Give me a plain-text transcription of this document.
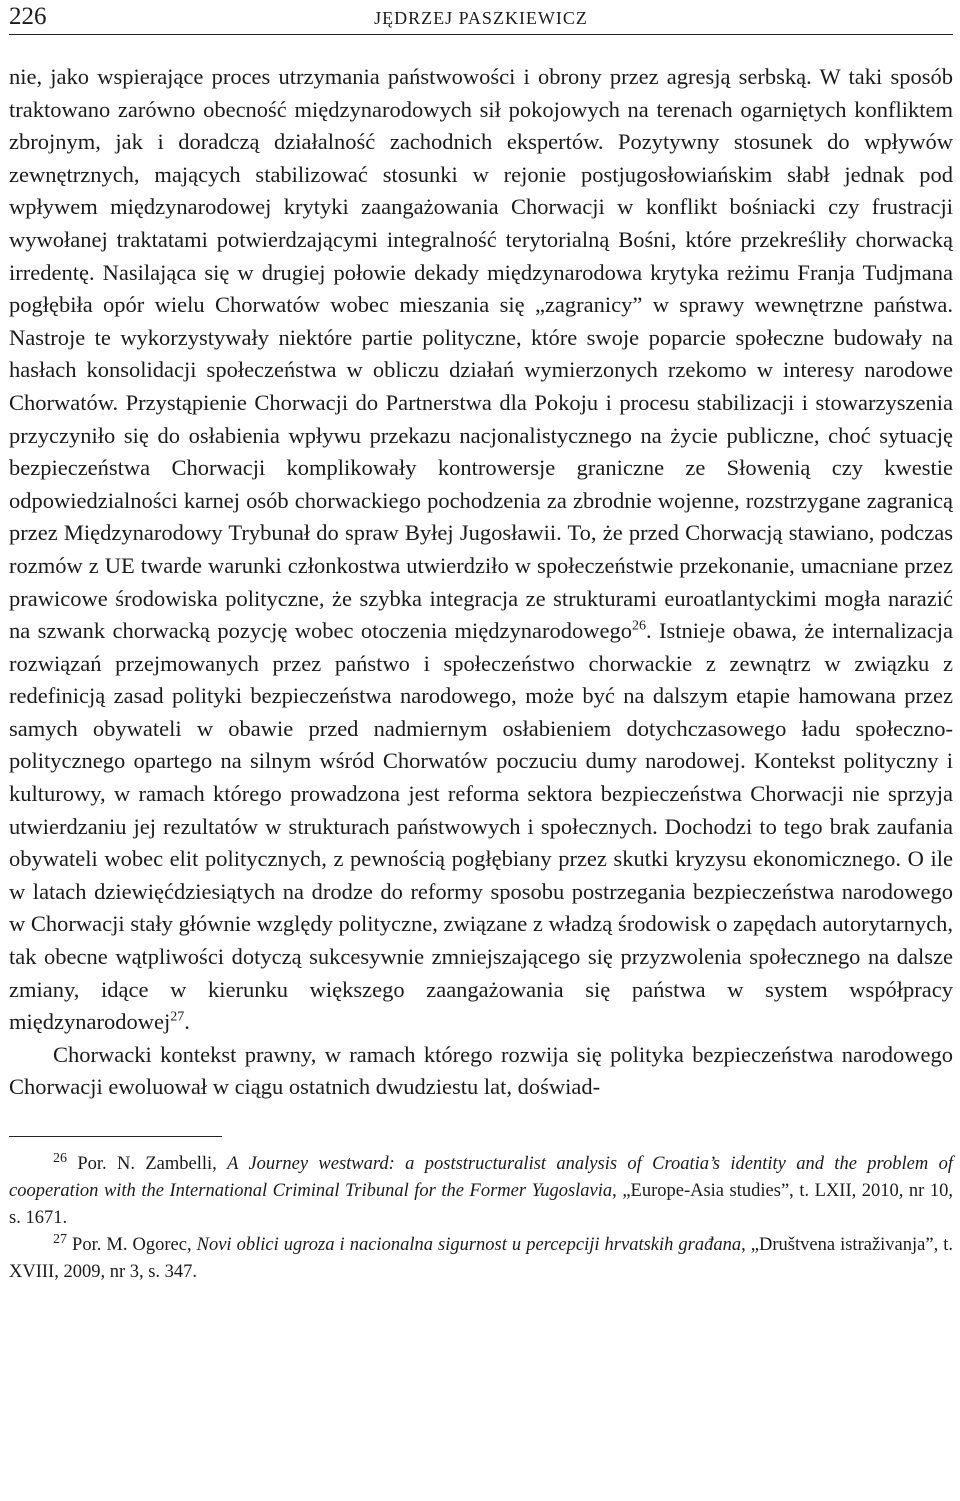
226	JĘDRZEJ PASZKIEWICZ

nie, jako wspierające proces utrzymania państwowości i obrony przez agresją serbską. W taki sposób traktowano zarówno obecność międzynarodowych sił pokojowych na terenach ogarniętych konfliktem zbrojnym, jak i doradczą działalność zachodnich ekspertów. Pozytywny stosunek do wpływów zewnętrznych, mających stabilizować stosunki w rejonie postjugosłowiańskim słabł jednak pod wpływem międzynarodowej krytyki zaangażowania Chorwacji w konflikt bośniacki czy frustracji wywołanej traktatami potwierdzającymi integralność terytorialną Bośni, które przekreśliły chorwacką irredentę. Nasilająca się w drugiej połowie dekady międzynarodowa krytyka reżimu Franja Tudjmana pogłębiła opór wielu Chorwatów wobec mieszania się „zagranicy” w sprawy wewnętrzne państwa. Nastroje te wykorzystywały niektóre partie polityczne, które swoje poparcie społeczne budowały na hasłach konsolidacji społeczeństwa w obliczu działań wymierzonych rzekomo w interesy narodowe Chorwatów. Przystąpienie Chorwacji do Partnerstwa dla Pokoju i procesu stabilizacji i stowarzyszenia przyczyniło się do osłabienia wpływu przekazu nacjonalistycznego na życie publiczne, choć sytuację bezpieczeństwa Chorwacji komplikowały kontrowersje graniczne ze Słowenią czy kwestie odpowiedzialności karnej osób chorwackiego pochodzenia za zbrodnie wojenne, rozstrzygane zagranicą przez Międzynarodowy Trybunał do spraw Byłej Jugosławii. To, że przed Chorwacją stawiano, podczas rozmów z UE twarde warunki członkostwa utwierdziło w społeczeństwie przekonanie, umacniane przez prawicowe środowiska polityczne, że szybka integracja ze strukturami euroatlantyckimi mogła narazić na szwank chorwacką pozycję wobec otoczenia międzynarodowego$^{26}$. Istnieje obawa, że internalizacja rozwiązań przejmowanych przez państwo i społeczeństwo chorwackie z zewnątrz w związku z redefinicją zasad polityki bezpieczeństwa narodowego, może być na dalszym etapie hamowana przez samych obywateli w obawie przed nadmiernym osłabieniem dotychczasowego ładu społeczno-politycznego opartego na silnym wśród Chorwatów poczuciu dumy narodowej. Kontekst polityczny i kulturowy, w ramach którego prowadzona jest reforma sektora bezpieczeństwa Chorwacji nie sprzyja utwierdzaniu jej rezultatów w strukturach państwowych i społecznych. Dochodzi to tego brak zaufania obywateli wobec elit politycznych, z pewnością pogłębiany przez skutki kryzysu ekonomicznego. O ile w latach dziewięćdziesiątych na drodze do reformy sposobu postrzegania bezpieczeństwa narodowego w Chorwacji stały głównie względy polityczne, związane z władzą środowisk o zapędach autorytarnych, tak obecne wątpliwości dotyczą sukcesywnie zmniejszającego się przyzwolenia społecznego na dalsze zmiany, idące w kierunku większego zaangażowania się państwa w system współpracy międzynarodowej$^{27}$.

Chorwacki kontekst prawny, w ramach którego rozwija się polityka bezpieczeństwa narodowego Chorwacji ewoluował w ciągu ostatnich dwudziestu lat, doświad-

$^{26}$ Por. N. Zambelli, A Journey westward: a poststructuralist analysis of Croatia’s identity and the problem of cooperation with the International Criminal Tribunal for the Former Yugoslavia, „Europe-Asia studies”, t. LXII, 2010, nr 10, s. 1671.

$^{27}$ Por. M. Ogorec, Novi oblici ugroza i nacionalna sigurnost u percepciji hrvatskih građana, „Društvena istraživanja”, t. XVIII, 2009, nr 3, s. 347.
